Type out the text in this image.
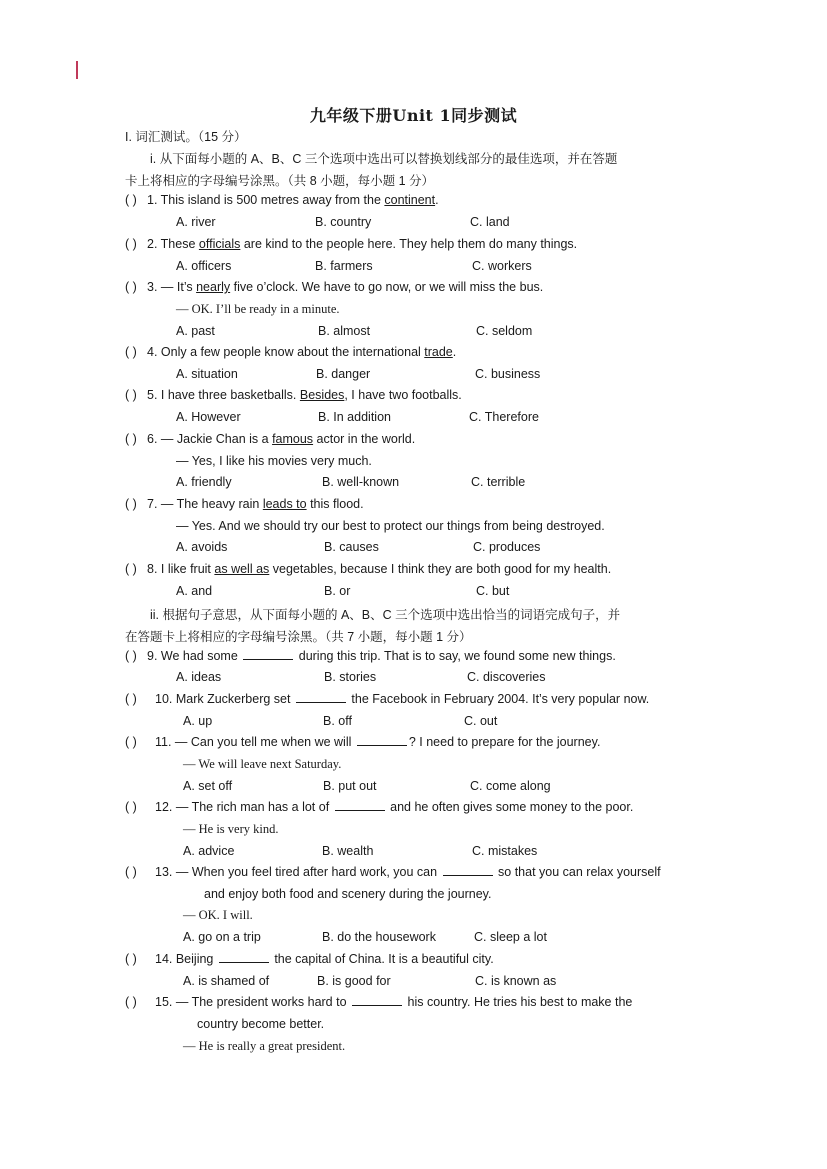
九年级下册Unit 1同步测试
I. 词汇测试。（15 分）
i. 从下面每小题的 A、B、C 三个选项中选出可以替换划线部分的最佳选项，并在答题
卡上将相应的字母编号涂黑。（共 8 小题，每小题 1 分）
( ) 1. This island is 500 metres away from the continent.
A. river	B. country	C. land
( ) 2. These officials are kind to the people here. They help them do many things.
A. officers	B. farmers	C. workers
( ) 3. — It’s nearly five o’clock. We have to go now, or we will miss the bus.
— OK. I’ll be ready in a minute.
A. past	B. almost	C. seldom
( ) 4. Only a few people know about the international trade.
A. situation	B. danger	C. business
( ) 5. I have three basketballs. Besides, I have two footballs.
A. However	B. In addition	C. Therefore
( ) 6. — Jackie Chan is a famous actor in the world.
— Yes, I like his movies very much.
A. friendly	B. well-known	C. terrible
( ) 7. — The heavy rain leads to this flood.
— Yes. And we should try our best to protect our things from being destroyed.
A. avoids	B. causes	C. produces
( ) 8. I like fruit as well as vegetables, because I think they are both good for my health.
A. and	B. or	C. but
ii. 根据句子意思，从下面每小题的 A、B、C 三个选项中选出恰当的词语完成句子，并
在答题卡上将相应的字母编号涂黑。（共 7 小题，每小题 1 分）
( ) 9. We had some	during this trip. That is to say, we found some new things.
A. ideas	B. stories	C. discoveries
( ) 10. Mark Zuckerberg set	the Facebook in February 2004. It’s very popular now.
A. up	B. off	C. out
( ) 11. — Can you tell me when we will	? I need to prepare for the journey.
— We will leave next Saturday.
A. set off	B. put out	C. come along
( ) 12. — The rich man has a lot of	and he often gives some money to the poor.
— He is very kind.
A. advice	B. wealth	C. mistakes
( ) 13. — When you feel tired after hard work, you can	so that you can relax yourself
and enjoy both food and scenery during the journey.
— OK. I will.
A. go on a trip	B. do the housework	C. sleep a lot
( ) 14. Beijing	the capital of China. It is a beautiful city.
A. is shamed of	B. is good for	C. is known as
( ) 15. — The president works hard to	his country. He tries his best to make the
country become better.
— He is really a great president.
